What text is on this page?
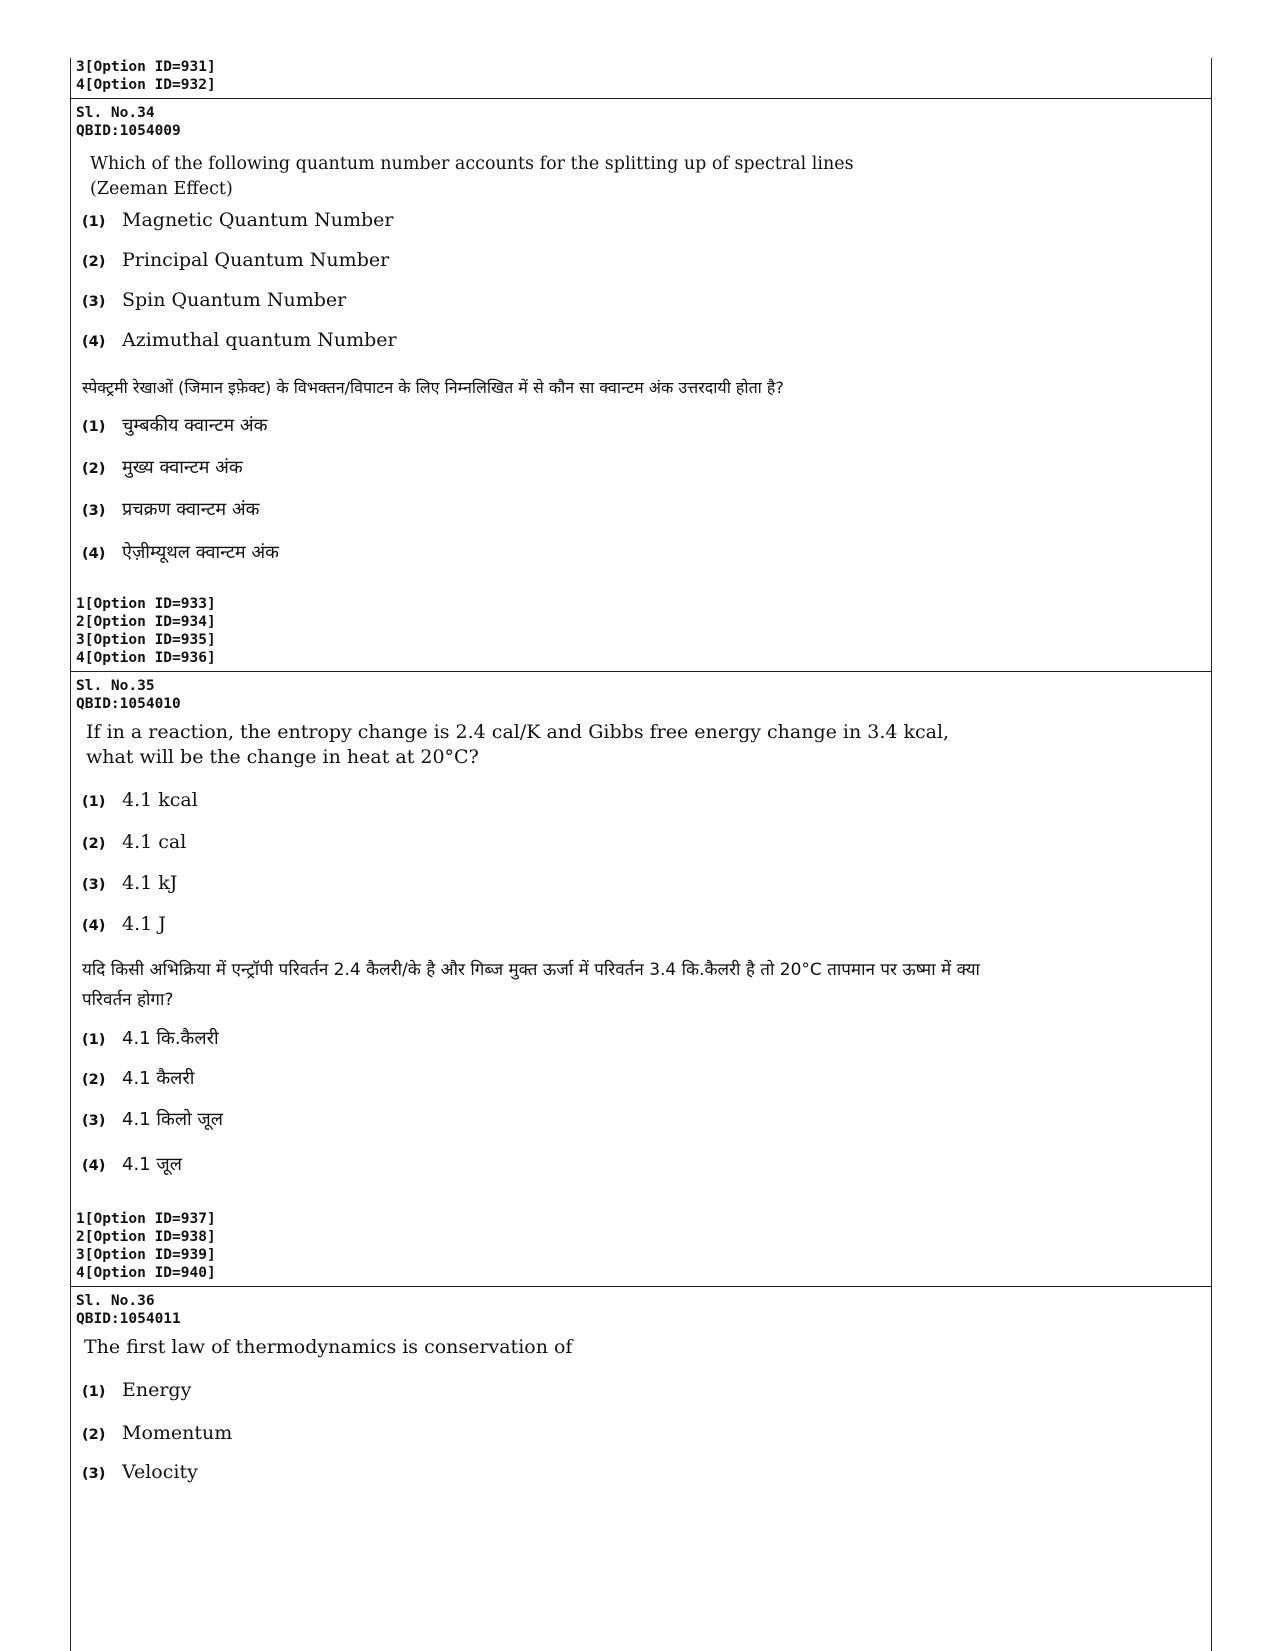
3[Option ID=931]
4[Option ID=932]
Sl. No.34
QBID:1054009
Which of the following quantum number accounts for the splitting up of spectral lines (Zeeman Effect)
(1) Magnetic Quantum Number
(2) Principal Quantum Number
(3) Spin Quantum Number
(4) Azimuthal quantum Number
स्पेक्ट्रमी रेखाओं (जिमान इफ़ेक्ट) के विभक्तन/विपाटन के लिए निम्नलिखित में से कौन सा क्वान्टम अंक उत्तरदायी होता है?
(1) चुम्बकीय क्वान्टम अंक
(2) मुख्य क्वान्टम अंक
(3) प्रचक्रण क्वान्टम अंक
(4) ऐज़ीम्यूथल क्वान्टम अंक
1[Option ID=933]
2[Option ID=934]
3[Option ID=935]
4[Option ID=936]
Sl. No.35
QBID:1054010
If in a reaction, the entropy change is 2.4 cal/K and Gibbs free energy change in 3.4 kcal, what will be the change in heat at 20°C?
(1) 4.1 kcal
(2) 4.1 cal
(3) 4.1 kJ
(4) 4.1 J
यदि किसी अभिक्रिया में एन्ट्रॉपी परिवर्तन 2.4 कैलरी/के है और गिब्ज मुक्त ऊर्जा में परिवर्तन 3.4 कि.कैलरी है तो 20°C तापमान पर ऊष्मा में क्या परिवर्तन होगा?
(1) 4.1 कि.कैलरी
(2) 4.1 कैलरी
(3) 4.1 किलो जूल
(4) 4.1 जूल
1[Option ID=937]
2[Option ID=938]
3[Option ID=939]
4[Option ID=940]
Sl. No.36
QBID:1054011
The first law of thermodynamics is conservation of
(1) Energy
(2) Momentum
(3) Velocity
